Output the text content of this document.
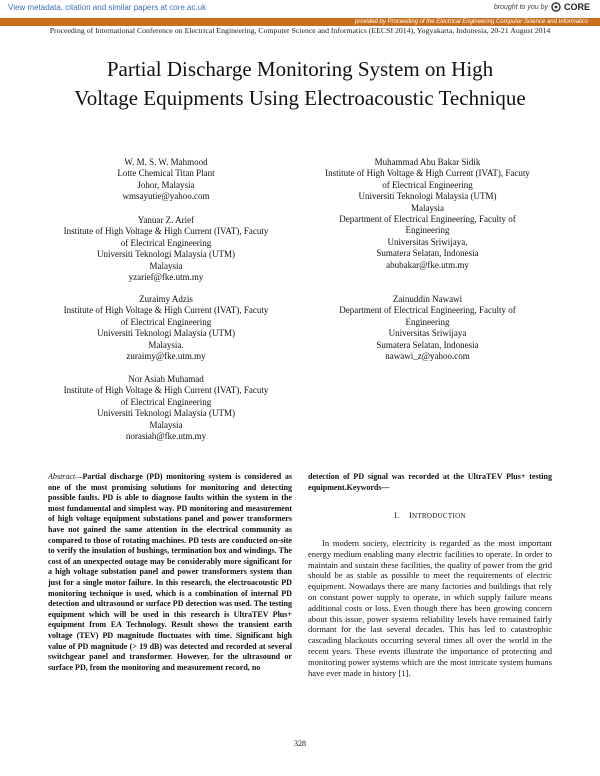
View metadata, citation and similar papers at core.ac.uk	brought to you by CORE
provided by Proceeding of the Electrical Engineering Computer Science and Informatics
Proceeding of International Conference on Electrical Engineering, Computer Science and Informatics (EECSI 2014), Yogyakarta, Indonesia, 20-21 August 2014
Partial Discharge Monitoring System on High
Voltage Equipments Using Electroacoustic Technique
W. M. S. W. Mahmood
Lotte Chemical Titan Plant
Johor, Malaysia
wmsayutie@yahoo.com
Muhammad Abu Bakar Sidik
Institute of High Voltage & High Current (IVAT), Facuty
of Electrical Engineering
Universiti Teknologi Malaysia (UTM)
Malaysia
Department of Electrical Engineering, Faculty of
Engineering
Universitas Sriwijaya,
Sumatera Selatan, Indonesia
abubakar@fke.utm.my
Yanuar Z. Arief
Institute of High Voltage & High Current (IVAT), Facuty
of Electrical Engineering
Universiti Teknologi Malaysia (UTM)
Malaysia
yzarief@fke.utm.my
Zuraimy Adzis
Institute of High Voltage & High Current (IVAT), Facuty
of Electrical Engineering
Universiti Teknologi Malaysia (UTM)
Malaysia.
zuraimy@fke.utm.my
Zainuddin Nawawi
Department of Electrical Engineering, Faculty of
Engineering
Universitas Sriwijaya
Sumatera Selatan, Indonesia
nawawi_z@yahoo.com
Nor Asiah Muhamad
Institute of High Voltage & High Current (IVAT), Facuty
of Electrical Engineering
Universiti Teknologi Malaysia (UTM)
Malaysia
norasiah@fke.utm.my
Abstract—Partial discharge (PD) monitoring system is considered as one of the most promising solutions for monitoring and detecting possible faults. PD is able to diagnose faults within the system in the most fundamental and simplest way. PD monitoring and measurement of high voltage equipment substations panel and power transformers have not gained the same attention in the electrical community as compared to those of rotating machines. PD tests are conducted on-site to verify the insulation of bushings, termination box and windings. The cost of an unexpected outage may be considerably more significant for a high voltage substation panel and power transformers system than just for a single motor failure. In this research, the electroacoustic PD monitoring technique is used, which is a combination of internal PD detection and ultrasound or surface PD detection was used. The testing equipment which will be used in this research is UltraTEV Plus+ equipment from EA Technology. Result shows the transient earth voltage (TEV) PD magnitude fluctuates with time. Significant high value of PD magnitude (> 19 dB) was detected and recorded at several switchgear panel and transformer. However, for the ultrasound or surface PD, from the monitoring and measurement record, no
detection of PD signal was recorded at the UltraTEV Plus+ testing equipment.Keywords—
I. INTRODUCTION
In modern society, electricity is regarded as the most important energy medium enabling many electric facilities to operate. In order to maintain and sustain these facilities, the quality of power from the grid should be as stable as possible to meet the requirements of electric equipment. Nowadays there are many factories and buildings that rely on constant power supply to operate, in which supply failure means additional costs or loss. Even though there has been growing concern about this issue, power systems reliability levels have remained fairly dormant for the last several decades. This has led to catastrophic cascading blackouts occurring several times all over the world in the recent years. These events illustrate the importance of protecting and monitoring power systems which are the most intricate system humans have ever made in history [1].
328
